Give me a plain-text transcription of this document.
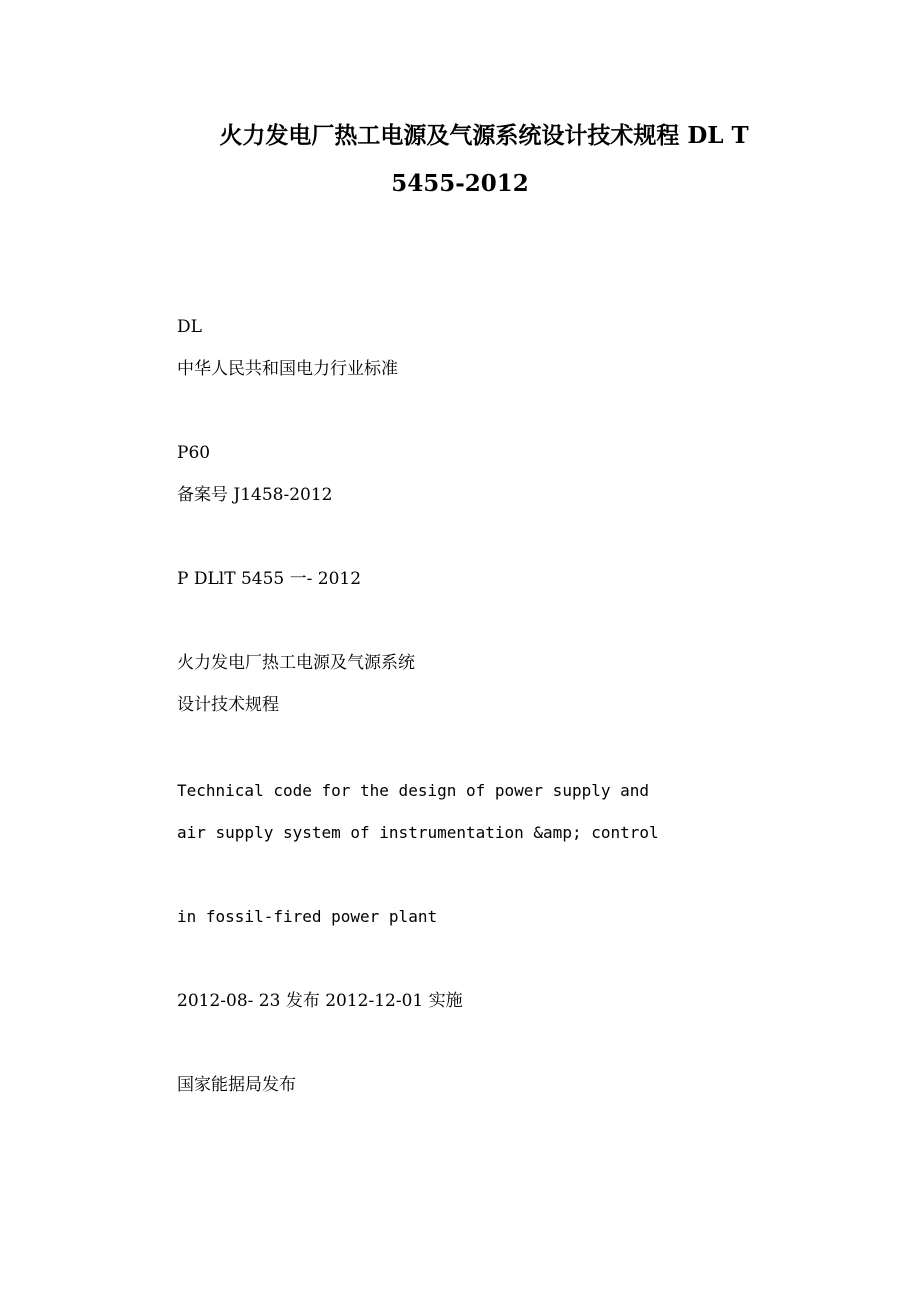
火力发电厂热工电源及气源系统设计技术规程 DL T
5455-2012
DL
中华人民共和国电力行业标准
P60
备案号 J1458-2012
P DLlT 5455 一- 2012
火力发电厂热工电源及气源系统
设计技术规程
Technical code for the design of power supply and
air supply system of instrumentation &amp; control
in fossil-fired power plant
2012-08- 23 发布 2012-12-01 实施
国家能据局发布
